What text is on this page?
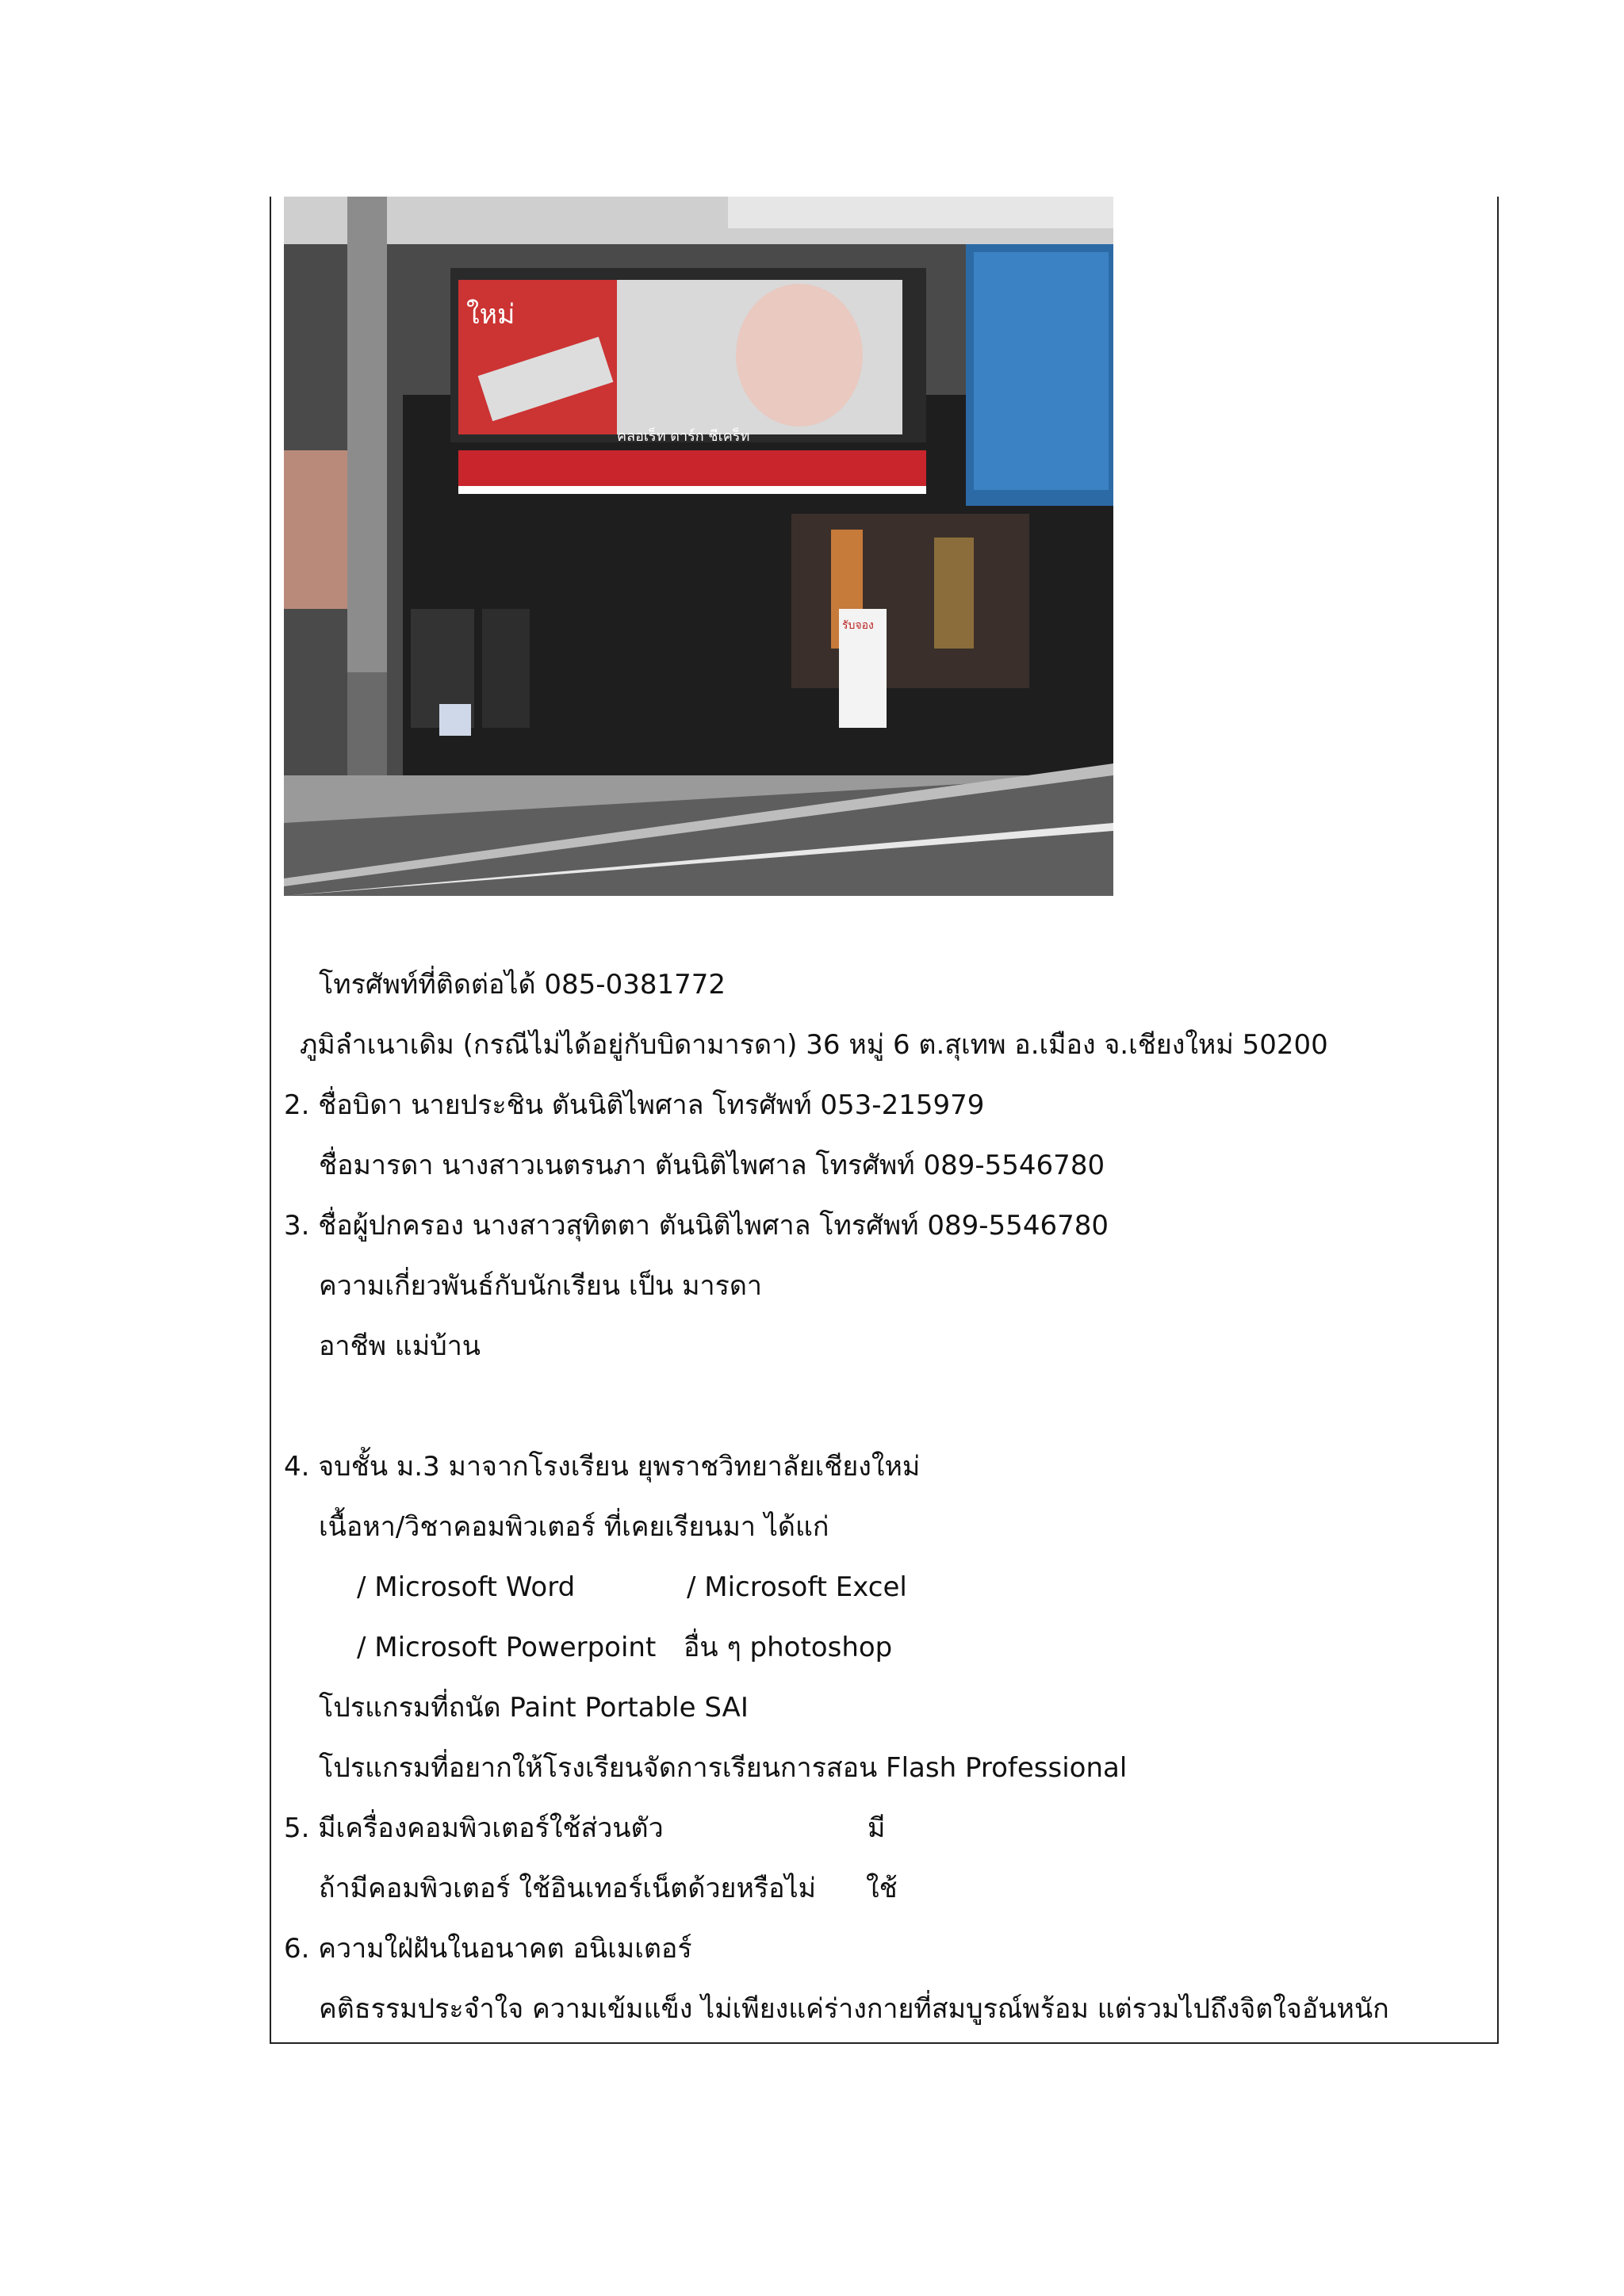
ใหม่
คลอเร็ท ดาร์ก ชีเคร็ท
รับจอง
โทรศัพท์ที่ติดต่อได้ 085-0381772
ภูมิลำเนาเดิม (กรณีไม่ได้อยู่กับบิดามารดา) 36 หมู่ 6 ต.สุเทพ อ.เมือง จ.เชียงใหม่ 50200
2. ชื่อบิดา นายประชิน ตันนิติไพศาล โทรศัพท์ 053-215979
ชื่อมารดา นางสาวเนตรนภา ตันนิติไพศาล โทรศัพท์ 089-5546780
3. ชื่อผู้ปกครอง นางสาวสุทิตตา ตันนิติไพศาล โทรศัพท์ 089-5546780
ความเกี่ยวพันธ์กับนักเรียน เป็น มารดา
อาชีพ แม่บ้าน
4. จบชั้น ม.3 มาจากโรงเรียน ยุพราชวิทยาลัยเชียงใหม่
เนื้อหา/วิชาคอมพิวเตอร์ ที่เคยเรียนมา ได้แก่
/ Microsoft Word	/ Microsoft Excel
/ Microsoft Powerpoint อื่น ๆ photoshop
โปรแกรมที่ถนัด Paint Portable SAI
โปรแกรมที่อยากให้โรงเรียนจัดการเรียนการสอน Flash Professional
5. มีเครื่องคอมพิวเตอร์ใช้ส่วนตัว	มี
ถ้ามีคอมพิวเตอร์ ใช้อินเทอร์เน็ตด้วยหรือไม่ ใช้
6. ความใฝ่ฝันในอนาคต อนิเมเตอร์
คติธรรมประจำใจ ความเข้มแข็ง ไม่เพียงแค่ร่างกายที่สมบูรณ์พร้อม แต่รวมไปถึงจิตใจอันหนัก
